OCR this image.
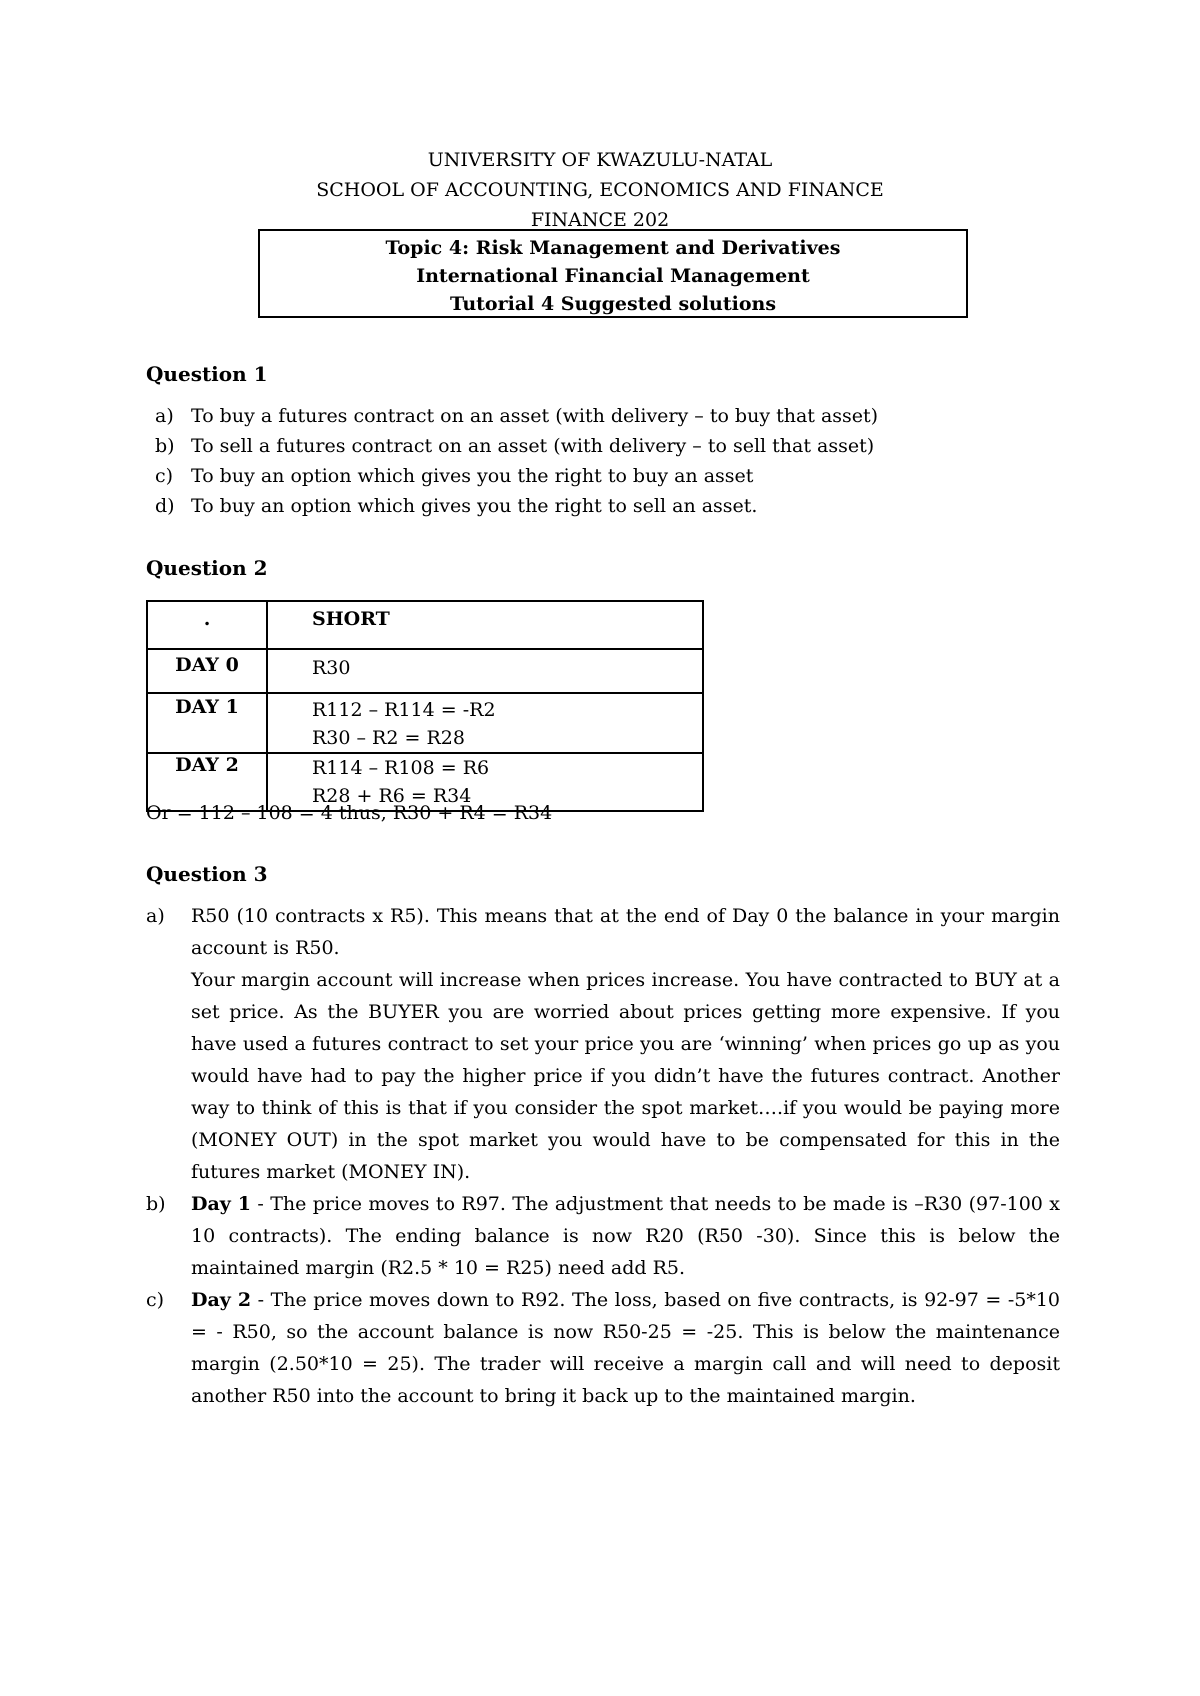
UNIVERSITY OF KWAZULU-NATAL
SCHOOL OF ACCOUNTING, ECONOMICS AND FINANCE
FINANCE 202
Topic 4: Risk Management and Derivatives
International Financial Management
Tutorial 4 Suggested solutions
Question 1
a) To buy a futures contract on an asset (with delivery – to buy that asset)
b) To sell a futures contract on an asset (with delivery – to sell that asset)
c) To buy an option which gives you the right to buy an asset
d) To buy an option which gives you the right to sell an asset.
Question 2
.	SHORT
DAY 0	R30

DAY 1	R112 – R114 = -R2
R30 – R2 = R28

DAY 2	R114 – R108 = R6
R28 + R6 = R34
Or = 112 – 108 = 4 thus, R30 + R4 = R34
Question 3
a)	R50 (10 contracts x R5). This means that at the end of Day 0 the balance in your margin account is R50.
Your margin account will increase when prices increase. You have contracted to BUY at a set price. As the BUYER you are worried about prices getting more expensive. If you have used a futures contract to set your price you are ‘winning’ when prices go up as you would have had to pay the higher price if you didn’t have the futures contract. Another way to think of this is that if you consider the spot market….if you would be paying more (MONEY OUT) in the spot market you would have to be compensated for this in the futures market (MONEY IN).
b)	Day 1 - The price moves to R97. The adjustment that needs to be made is –R30 (97-100 x 10 contracts). The ending balance is now R20 (R50 -30). Since this is below the maintained margin (R2.5 * 10 = R25) need add R5.
c)	Day 2 - The price moves down to R92. The loss, based on five contracts, is 92-97 = -5*10 = - R50, so the account balance is now R50-25 = -25. This is below the maintenance margin (2.50*10 = 25). The trader will receive a margin call and will need to deposit another R50 into the account to bring it back up to the maintained margin.
